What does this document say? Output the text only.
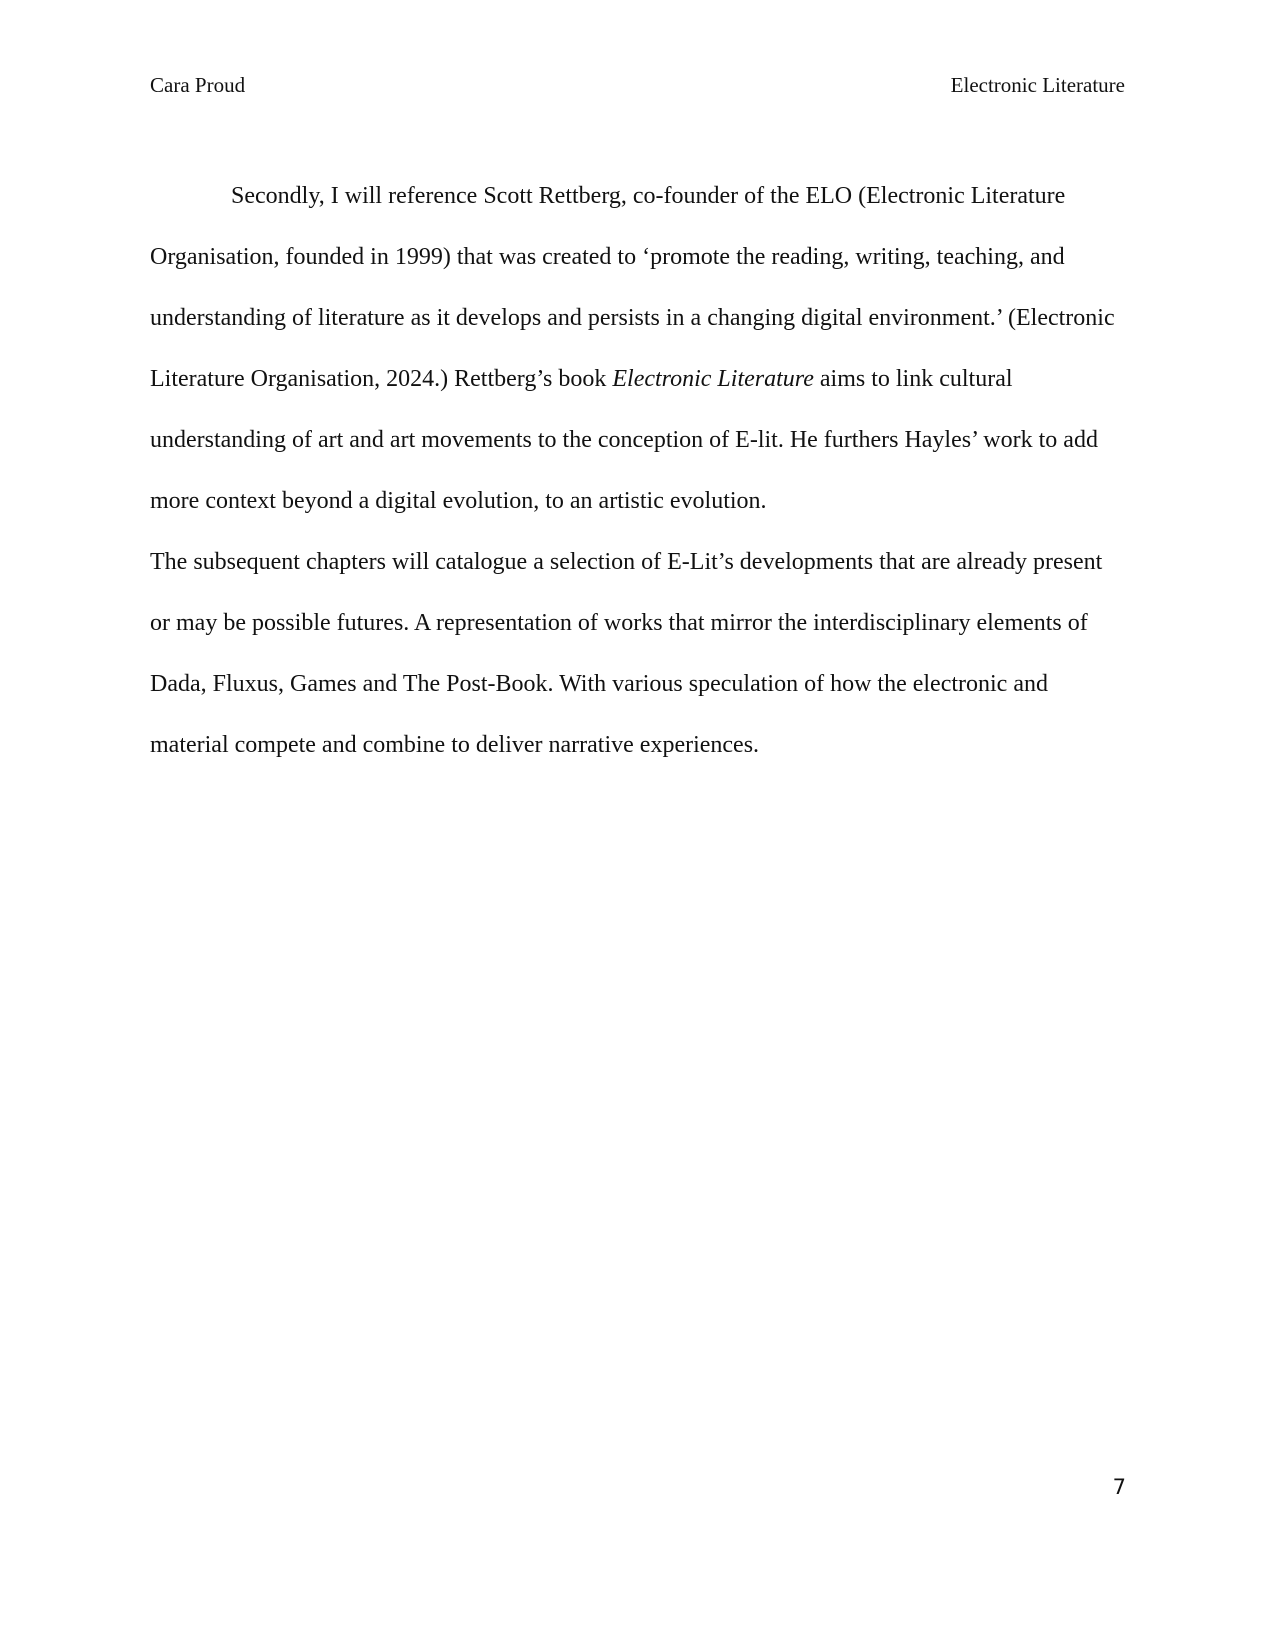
Cara Proud	Electronic Literature

Secondly, I will reference Scott Rettberg, co-founder of the ELO (Electronic Literature Organisation, founded in 1999) that was created to ‘promote the reading, writing, teaching, and understanding of literature as it develops and persists in a changing digital environment.’ (Electronic Literature Organisation, 2024.) Rettberg’s book Electronic Literature aims to link cultural understanding of art and art movements to the conception of E-lit. He furthers Hayles’ work to add more context beyond a digital evolution, to an artistic evolution.

The subsequent chapters will catalogue a selection of E-Lit’s developments that are already present or may be possible futures. A representation of works that mirror the interdisciplinary elements of Dada, Fluxus, Games and The Post-Book. With various speculation of how the electronic and material compete and combine to deliver narrative experiences.

7
